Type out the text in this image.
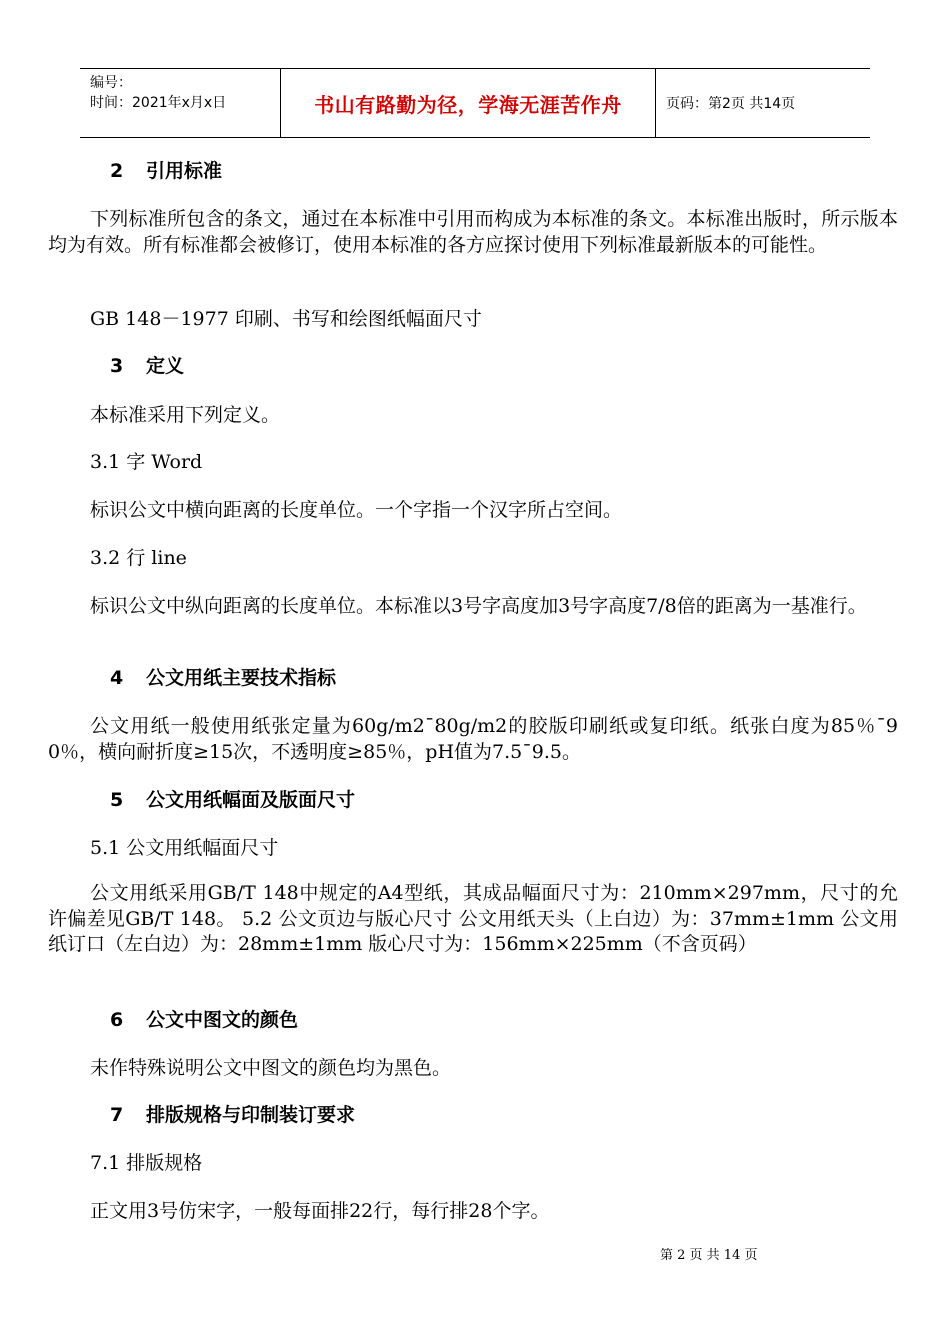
编号：
时间：2021年x月x日	书山有路勤为径，学海无涯苦作舟	页码：第2页 共14页
2 引用标准
下列标准所包含的条文，通过在本标准中引用而构成为本标准的条文。本标准出版时，所示版本均为有效。所有标准都会被修订，使用本标准的各方应探讨使用下列标准最新版本的可能性。
GB 148－1977 印刷、书写和绘图纸幅面尺寸
3 定义
本标准采用下列定义。
3.1 字 Word
标识公文中横向距离的长度单位。一个字指一个汉字所占空间。
3.2 行 line
标识公文中纵向距离的长度单位。本标准以3号字高度加3号字高度7/8倍的距离为一基准行。
4 公文用纸主要技术指标
公文用纸一般使用纸张定量为60g/m2¯80g/m2的胶版印刷纸或复印纸。纸张白度为85％¯90％，横向耐折度≥15次，不透明度≥85％，pH值为7.5¯9.5。
5 公文用纸幅面及版面尺寸
5.1 公文用纸幅面尺寸
公文用纸采用GB/T 148中规定的A4型纸，其成品幅面尺寸为：210mm×297mm，尺寸的允许偏差见GB/T 148。 5.2 公文页边与版心尺寸 公文用纸天头（上白边）为：37mm±1mm 公文用纸订口（左白边）为：28mm±1mm 版心尺寸为：156mm×225mm（不含页码）
6 公文中图文的颜色
未作特殊说明公文中图文的颜色均为黑色。
7 排版规格与印制装订要求
7.1 排版规格
正文用3号仿宋字，一般每面排22行，每行排28个字。
第 2 页 共 14 页
